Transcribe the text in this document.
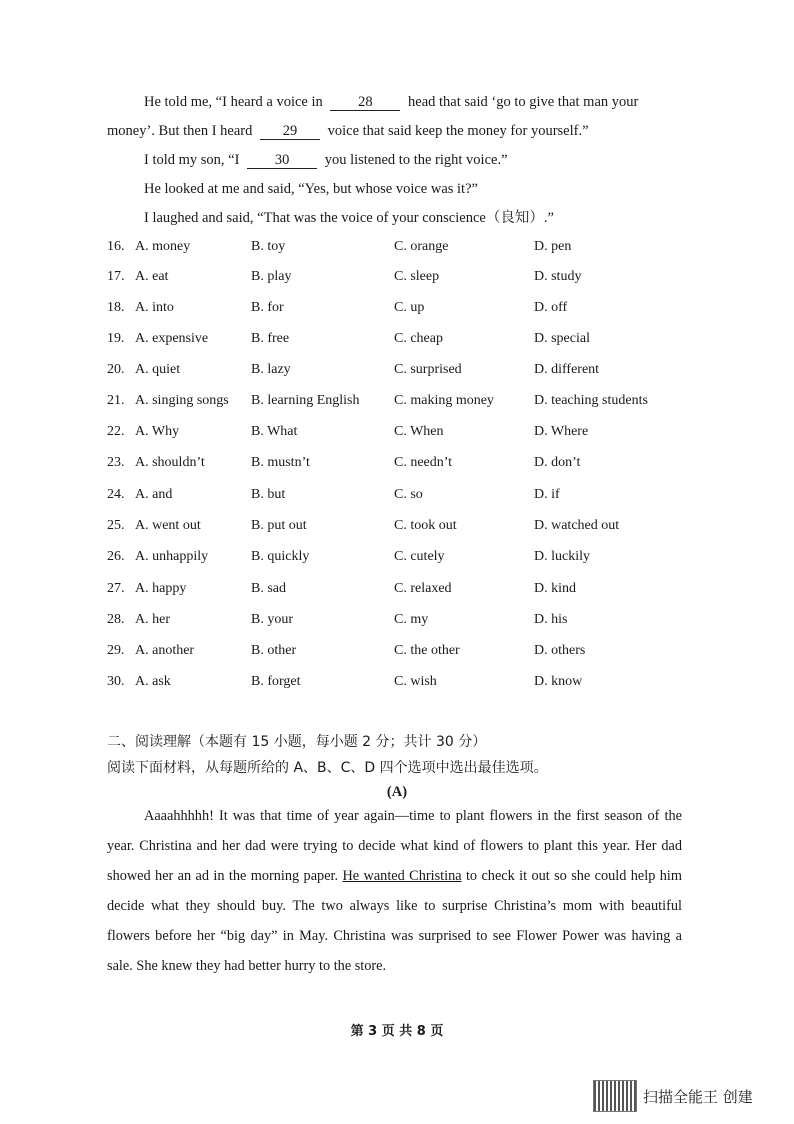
He told me, “I heard a voice in 28 head that said ‘go to give that man your
money’. But then I heard 29 voice that said keep the money for yourself.”
I told my son, “I 30 you listened to the right voice.”
He looked at me and said, “Yes, but whose voice was it?”
I laughed and said, “That was the voice of your conscience（良知）.”
16. A. money	B. toy	C. orange	D. pen
17. A. eat	B. play	C. sleep	D. study
18. A. into	B. for	C. up	D. off
19. A. expensive	B. free	C. cheap	D. special
20. A. quiet	B. lazy	C. surprised	D. different
21. A. singing songs B. learning English C. making money	D. teaching students
22. A. Why	B. What	C. When	D. Where
23. A. shouldn’t	B. mustn’t	C. needn’t	D. don’t
24. A. and	B. but	C. so	D. if
25. A. went out	B. put out	C. took out	D. watched out
26. A. unhappily	B. quickly	C. cutely	D. luckily
27. A. happy	B. sad	C. relaxed	D. kind
28. A. her	B. your	C. my	D. his
29. A. another	B. other	C. the other	D. others
30. A. ask	B. forget	C. wish	D. know
二、阅读理解（本题有 15 小题，每小题 2 分；共计 30 分）
阅读下面材料，从每题所给的 A、B、C、D 四个选项中选出最佳选项。
(A)
Aaaahhhhh! It was that time of year again—time to plant flowers in the first season of the year. Christina and her dad were trying to decide what kind of flowers to plant this year. Her dad showed her an ad in the morning paper. He wanted Christina to check it out so she could help him decide what they should buy. The two always like to surprise Christina’s mom with beautiful flowers before her “big day” in May. Christina was surprised to see Flower Power was having a sale. She knew they had better hurry to the store.
第 3 页 共 8 页
扫描全能王 创建
